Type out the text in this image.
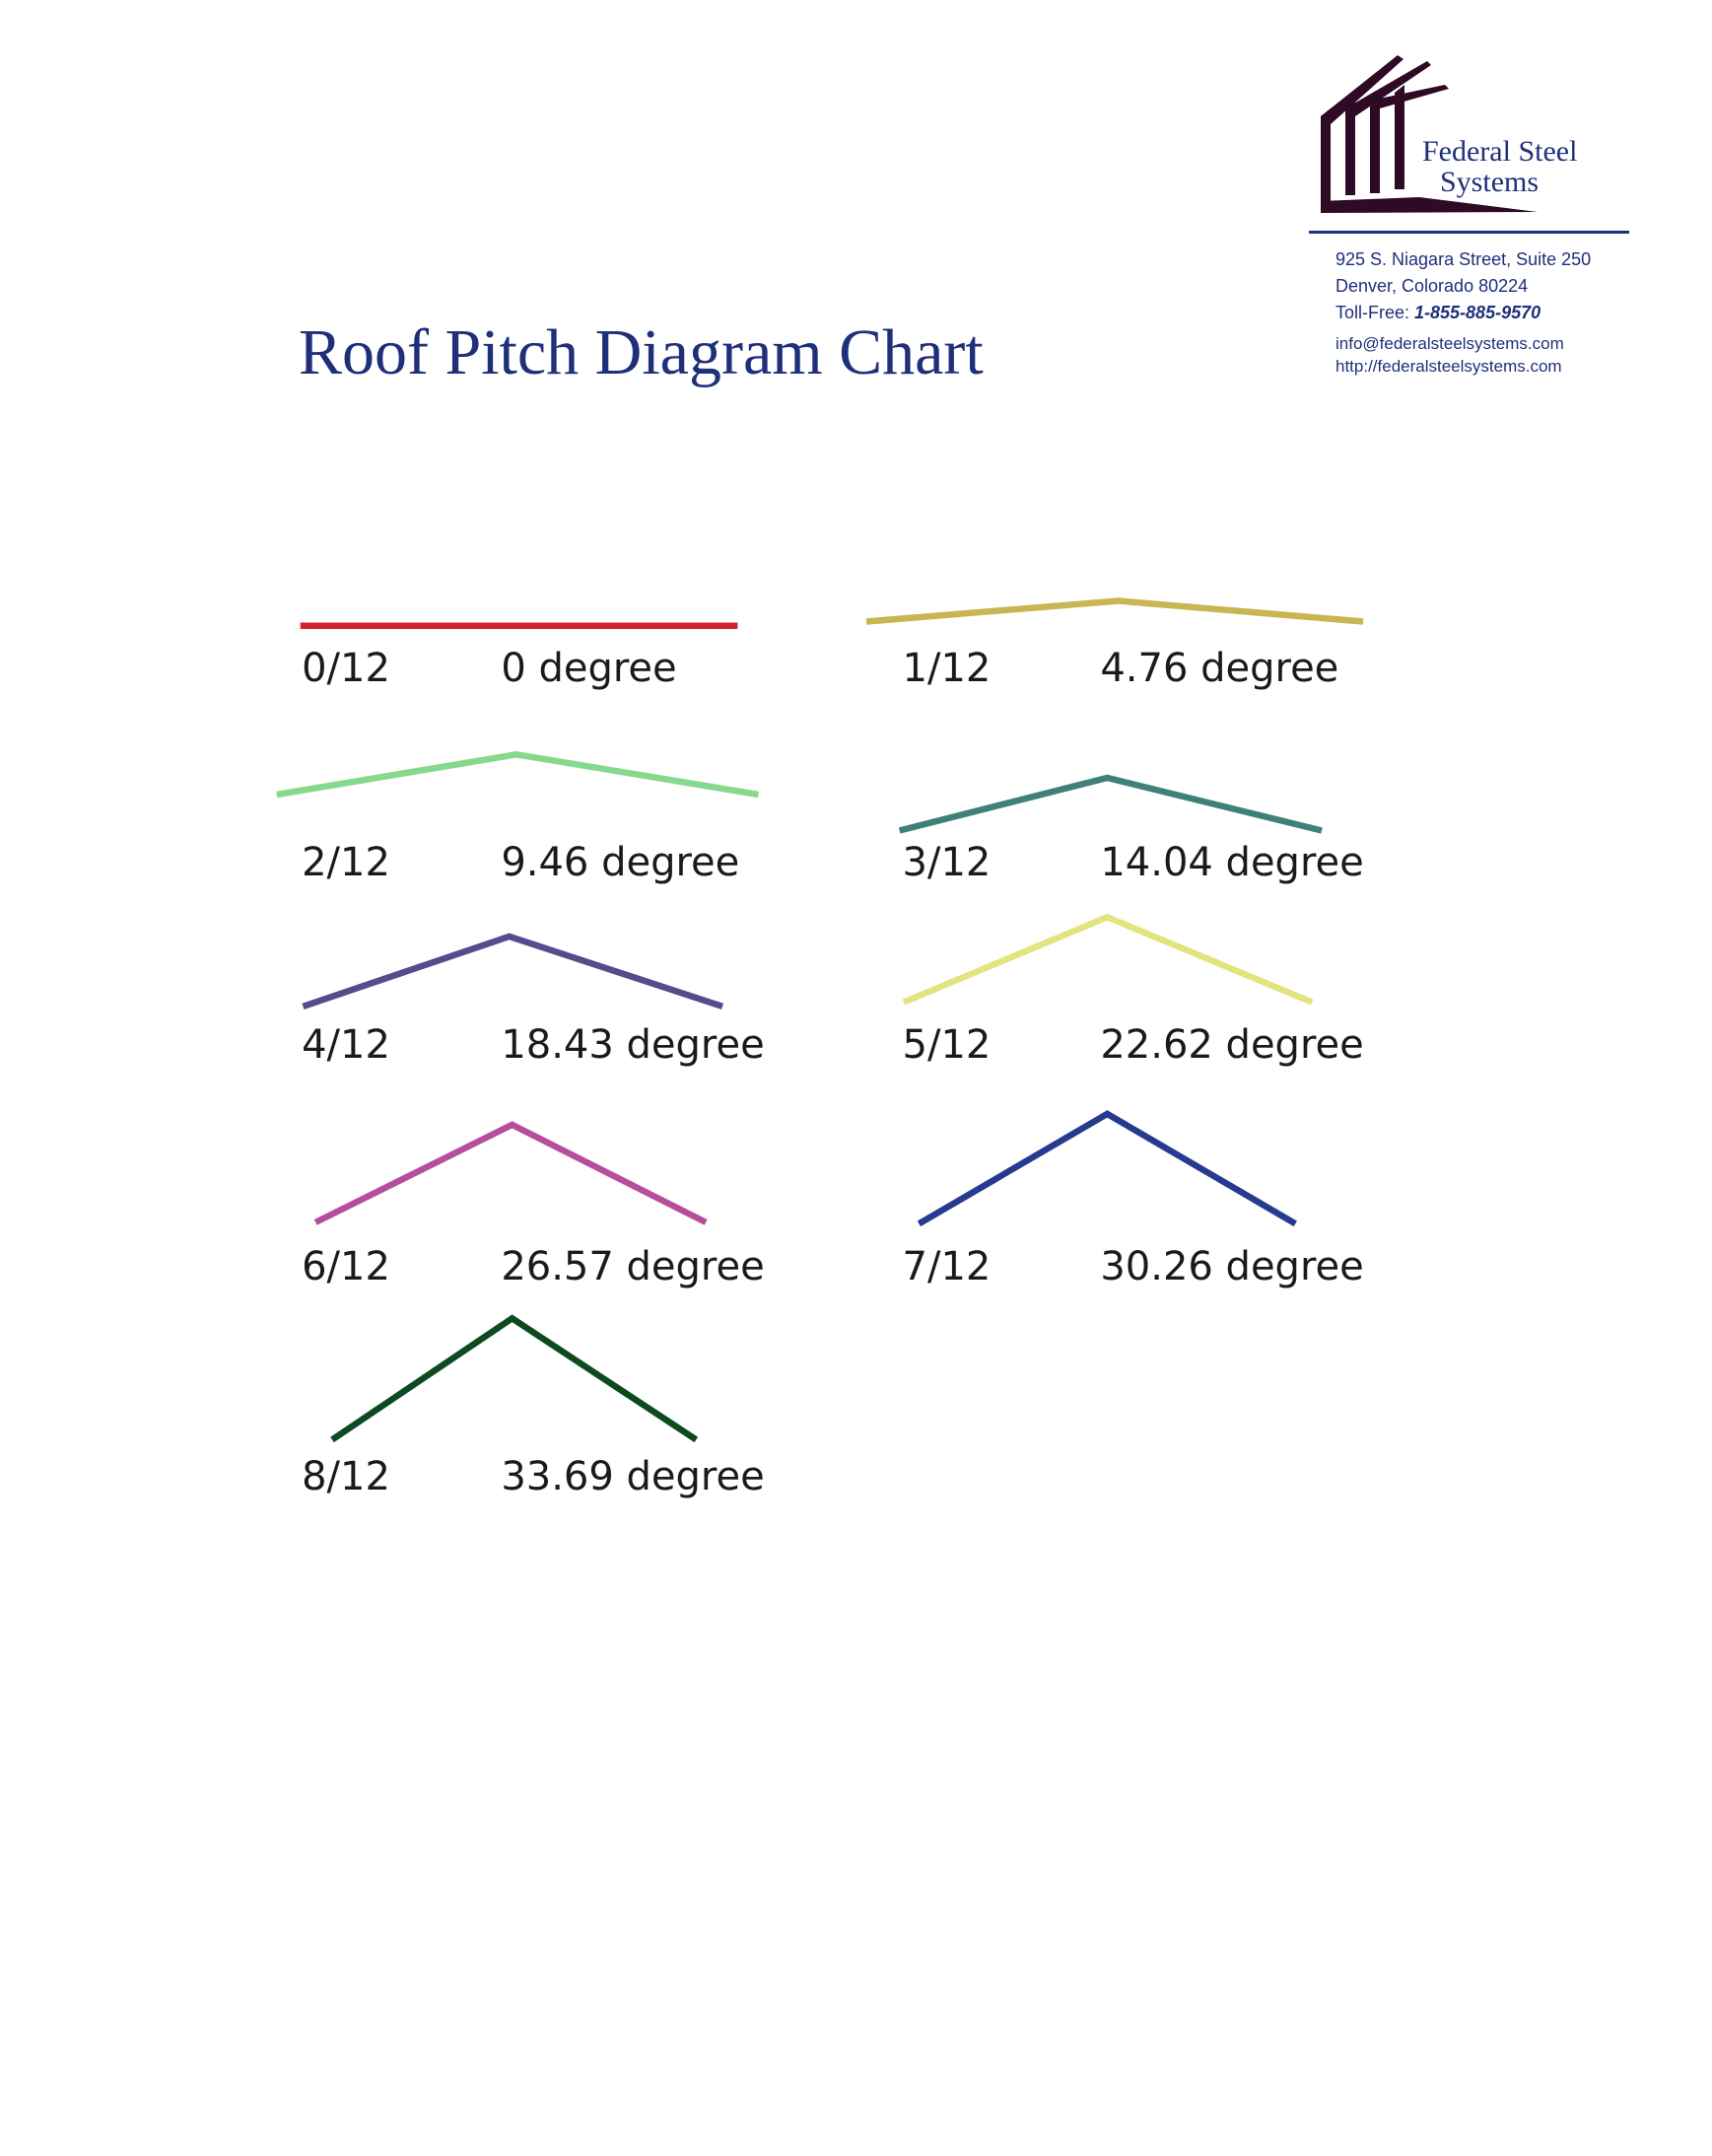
Federal Steel
Systems
925 S. Niagara Street, Suite 250
Denver, Colorado 80224
Toll-Free: 1-855-885-9570
info@federalsteelsystems.com
http://federalsteelsystems.com
Roof Pitch Diagram Chart
0/12	0 degree	1/12	4.76 degree
2/12	9.46 degree	3/12	14.04 degree
4/12	18.43 degree	5/12	22.62 degree
6/12	26.57 degree	7/12	30.26 degree
8/12	33.69 degree
